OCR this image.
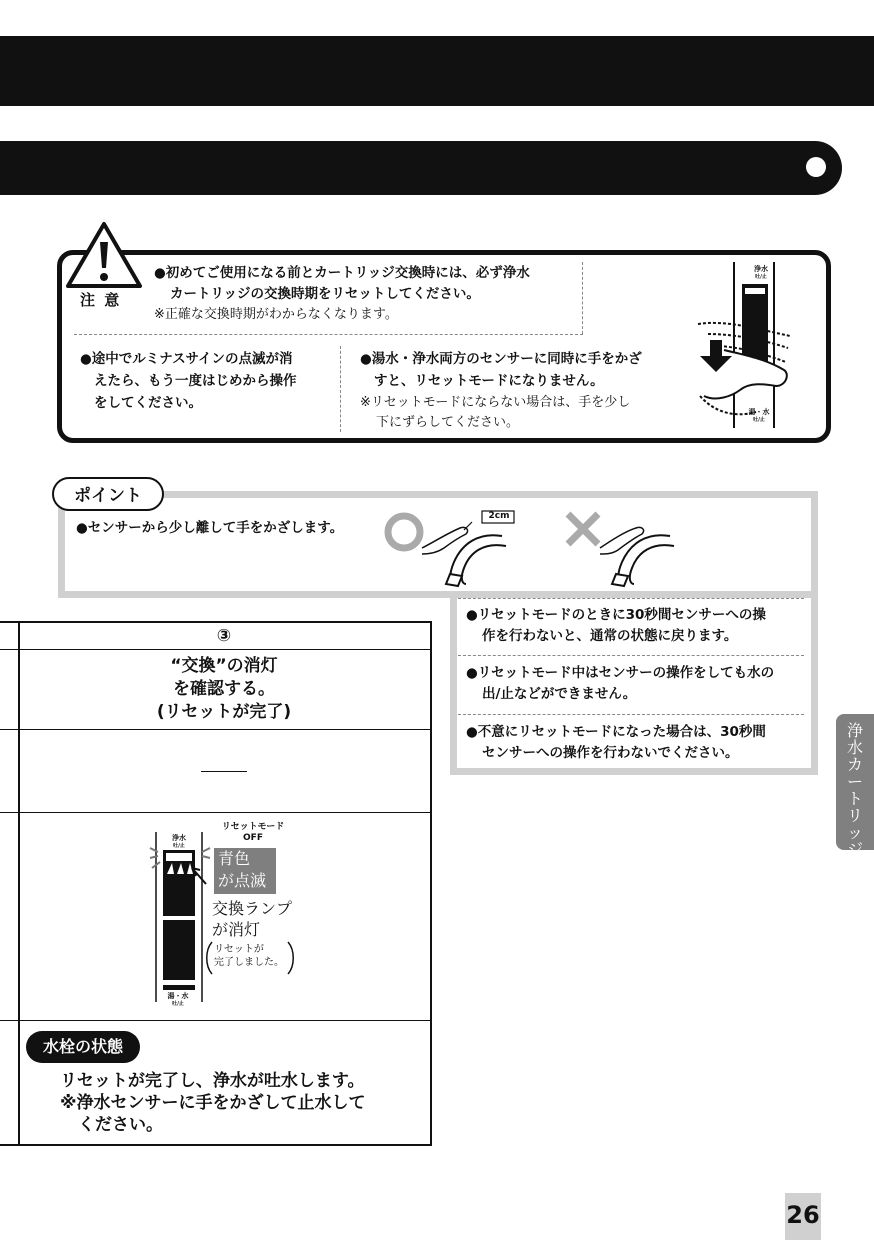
注 意
●初めてご使用になる前とカートリッジ交換時には、必ず浄水
カートリッジの交換時期をリセットしてください。
※正確な交換時期がわからなくなります。
●途中でルミナスサインの点滅が消
えたら、もう一度はじめから操作
をしてください。
●湯水・浄水両方のセンサーに同時に手をかざ
すと、リセットモードになりません。
※リセットモードにならない場合は、手を少し
下にずらしてください。
浄水
吐/止
湯・水
吐/止
ポイント
●センサーから少し離して手をかざします。
2cm
●リセットモードのときに30秒間センサーへの操
作を行わないと、通常の状態に戻ります。
●リセットモード中はセンサーの操作をしても水の
出/止などができません。
●不意にリセットモードになった場合は、30秒間
センサーへの操作を行わないでください。
③
“交換”の消灯
を確認する。
(リセットが完了)
リセットモード
OFF
浄水
吐/止
青色
が点滅
交換ランプ
が消灯
リセットが
完了しました。
湯・水
吐/止
水栓の状態
リセットが完了し、浄水が吐水します。
※浄水センサーに手をかざして止水して
ください。
浄水カートリッジ
26
